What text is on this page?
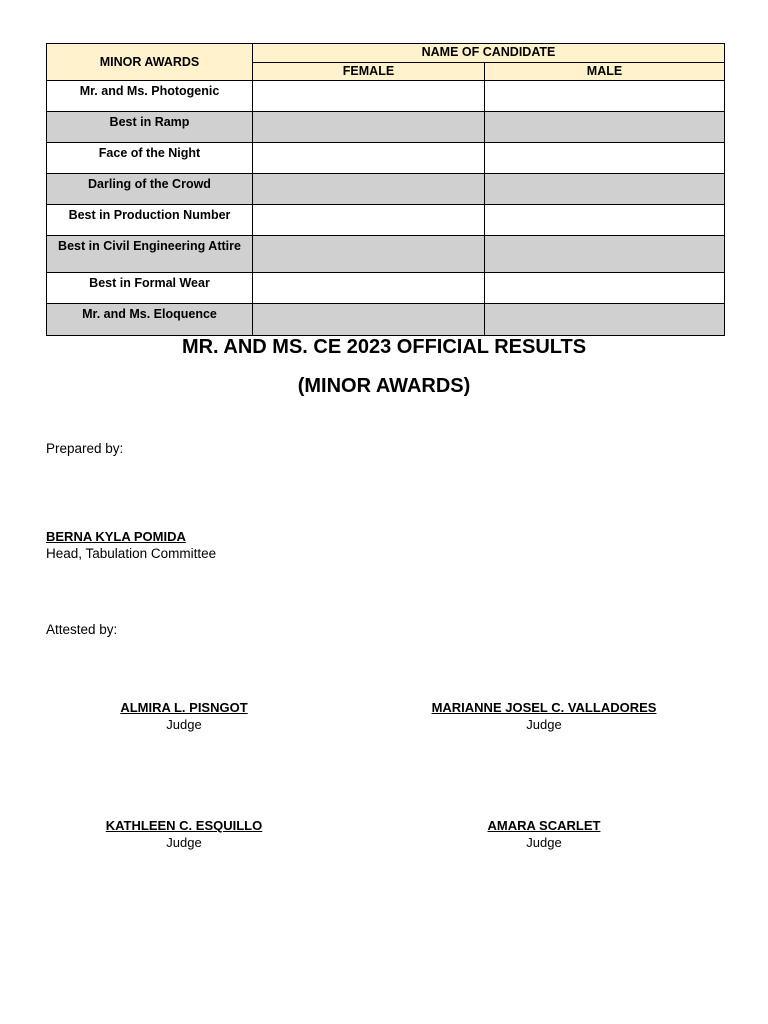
MINOR AWARDS	NAME OF CANDIDATE	
	FEMALE	MALE
Mr. and Ms. Photogenic		
Best in Ramp		
Face of the Night		
Darling of the Crowd		
Best in Production Number		
Best in Civil Engineering Attire		
Best in Formal Wear		
Mr. and Ms. Eloquence		
MR. AND MS. CE 2023 OFFICIAL RESULTS
(MINOR AWARDS)
Prepared by:
BERNA KYLA POMIDA
Head, Tabulation Committee
Attested by:
ALMIRA L. PISNGOT
Judge
MARIANNE JOSEL C. VALLADORES
Judge
KATHLEEN C. ESQUILLO
Judge
AMARA SCARLET
Judge
